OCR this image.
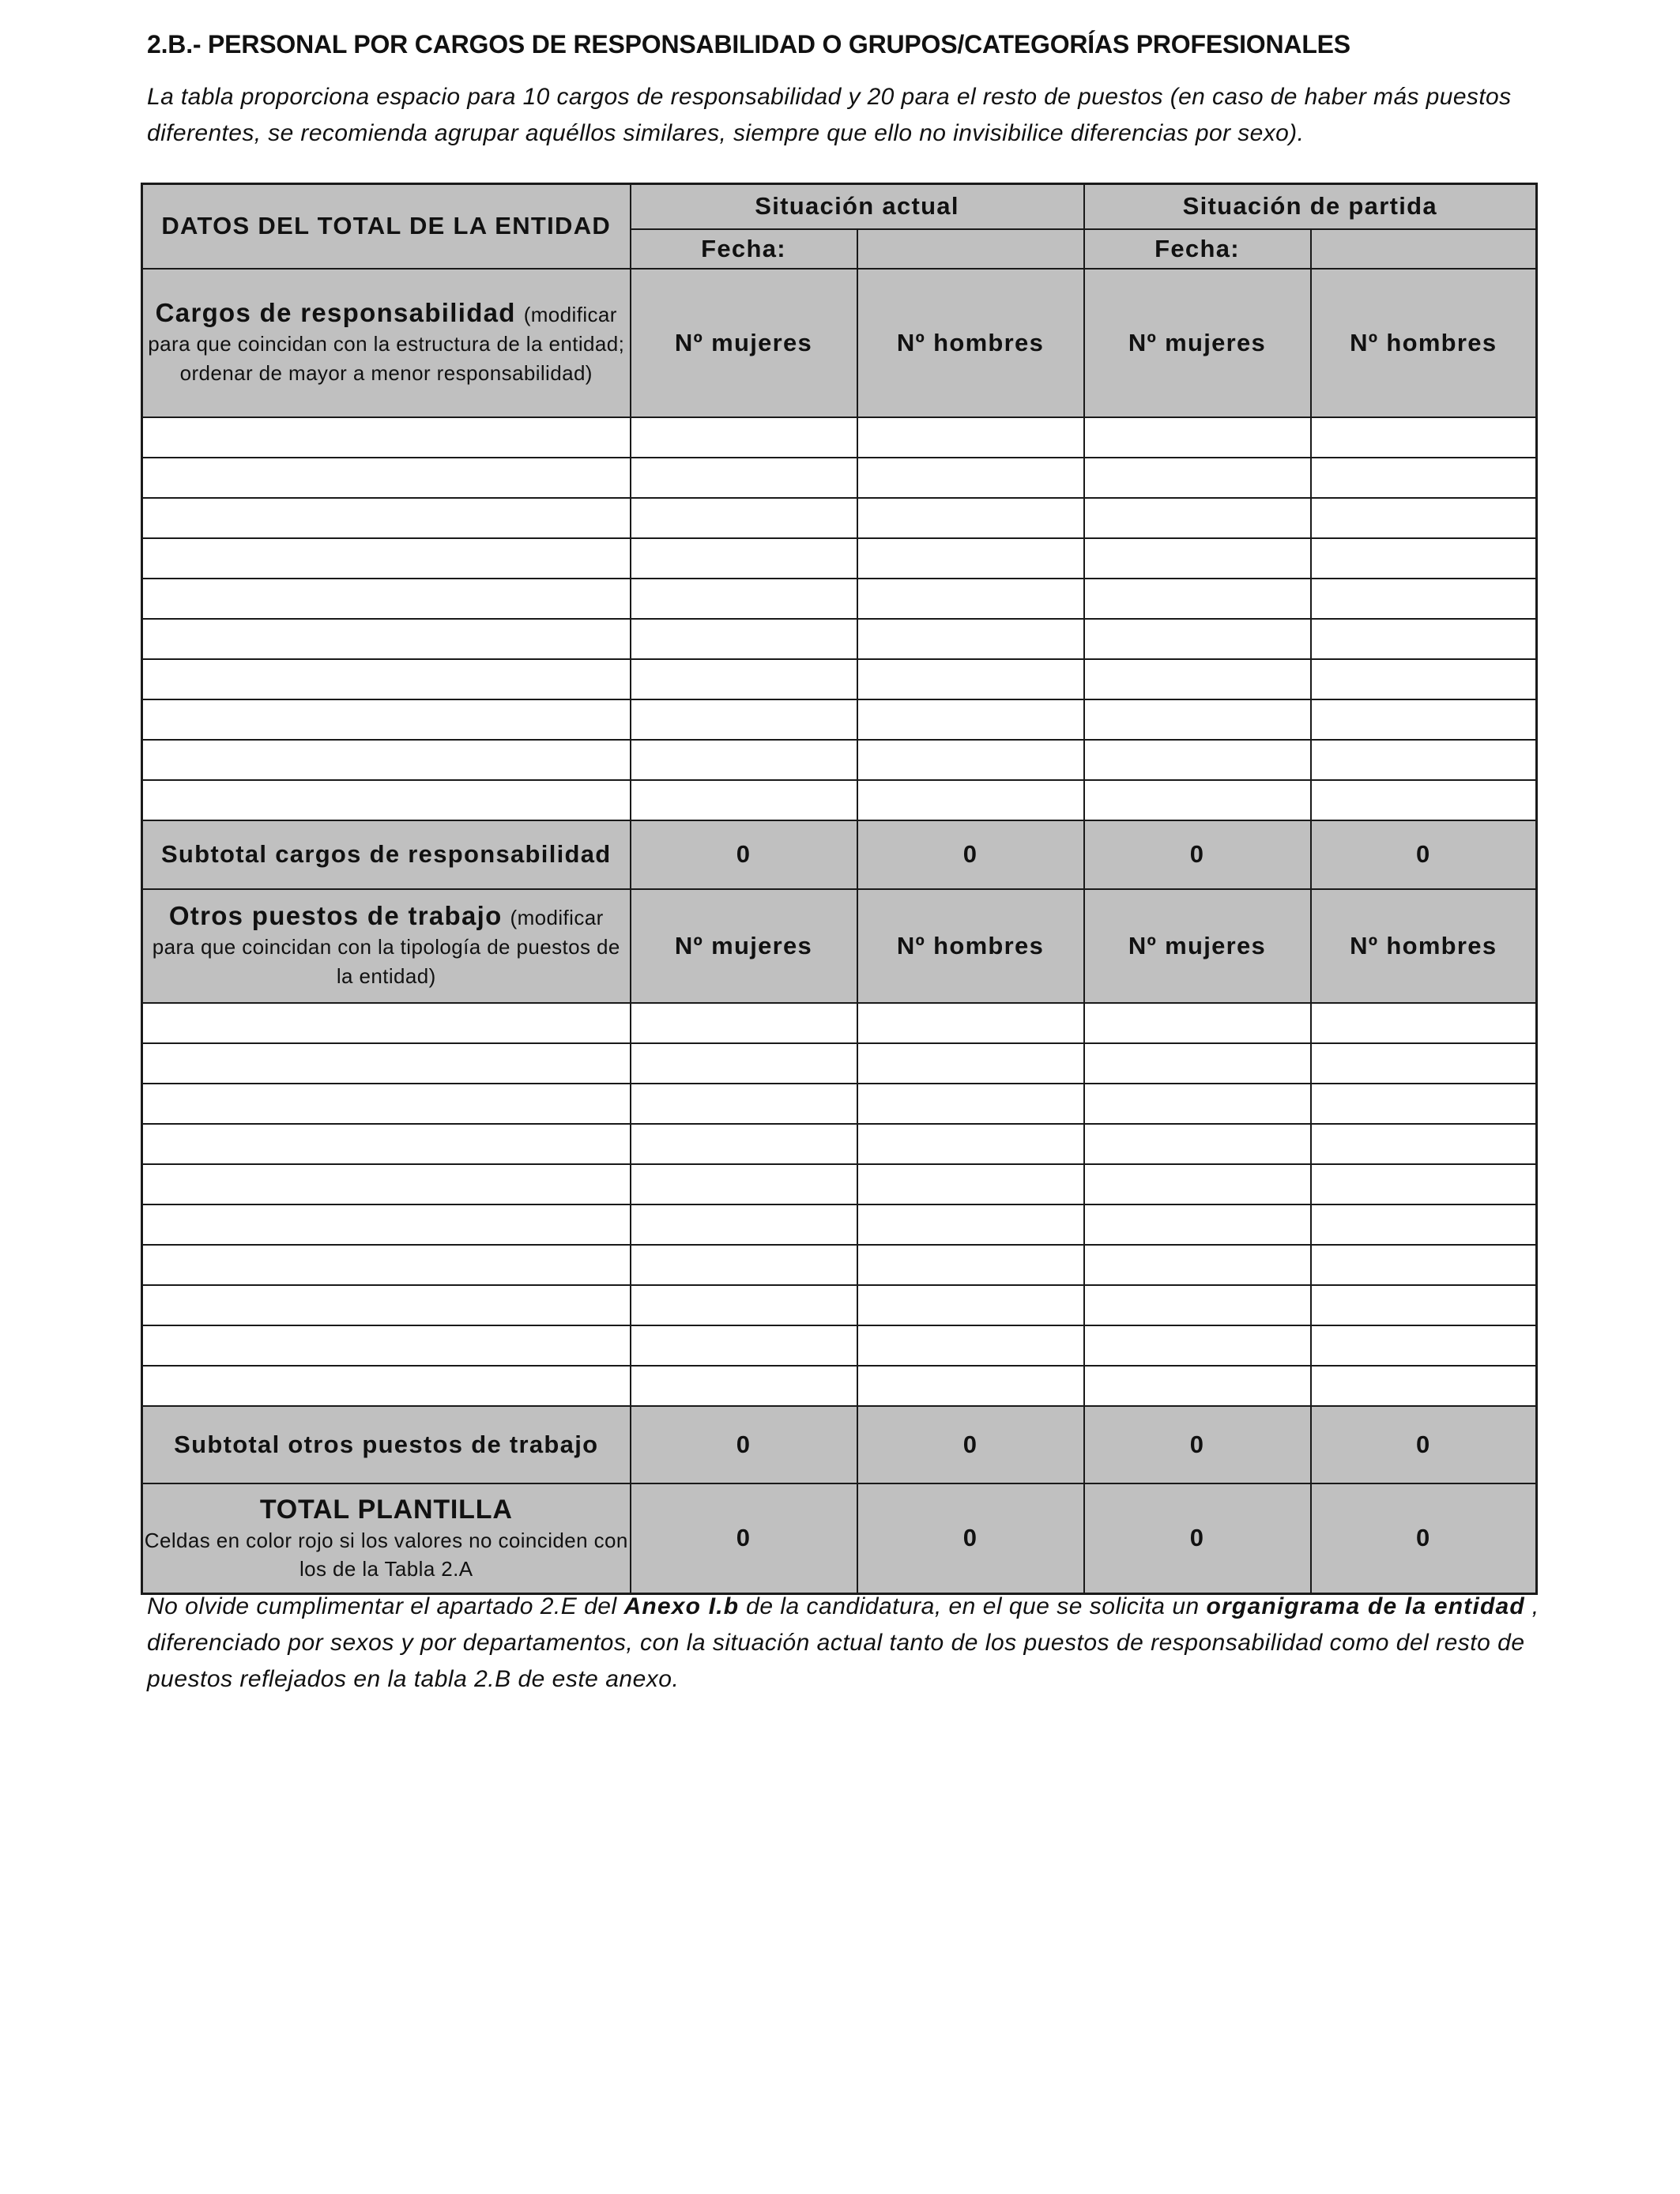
2.B.- PERSONAL POR CARGOS DE RESPONSABILIDAD O GRUPOS/CATEGORÍAS PROFESIONALES
La tabla proporciona espacio para 10 cargos de responsabilidad y 20 para el resto de puestos (en caso de haber más puestos diferentes, se recomienda agrupar aquéllos similares, siempre que ello no invisibilice diferencias por sexo).
DATOS DEL TOTAL DE LA ENTIDAD	Situación actual		Situación de partida	
	Fecha:		Fecha:	
Cargos de responsabilidad (modificar
para que coincidan con la estructura de la entidad; ordenar de mayor a menor responsabilidad)	Nº mujeres	Nº hombres	Nº mujeres	Nº hombres

Subtotal cargos de responsabilidad	0	0	0	0
Otros puestos de trabajo (modificar
para que coincidan con la tipología de puestos de la entidad)	Nº mujeres	Nº hombres	Nº mujeres	Nº hombres

Subtotal otros puestos de trabajo	0	0	0	0

TOTAL PLANTILLA
Celdas en color rojo si los valores no coinciden con los de la Tabla 2.A	0	0	0	0
No olvide cumplimentar el apartado 2.E del Anexo I.b de la candidatura, en el que se solicita un organigrama de la entidad , diferenciado por sexos y por departamentos, con la situación actual tanto de los puestos de responsabilidad como del resto de puestos reflejados en la tabla 2.B de este anexo.
